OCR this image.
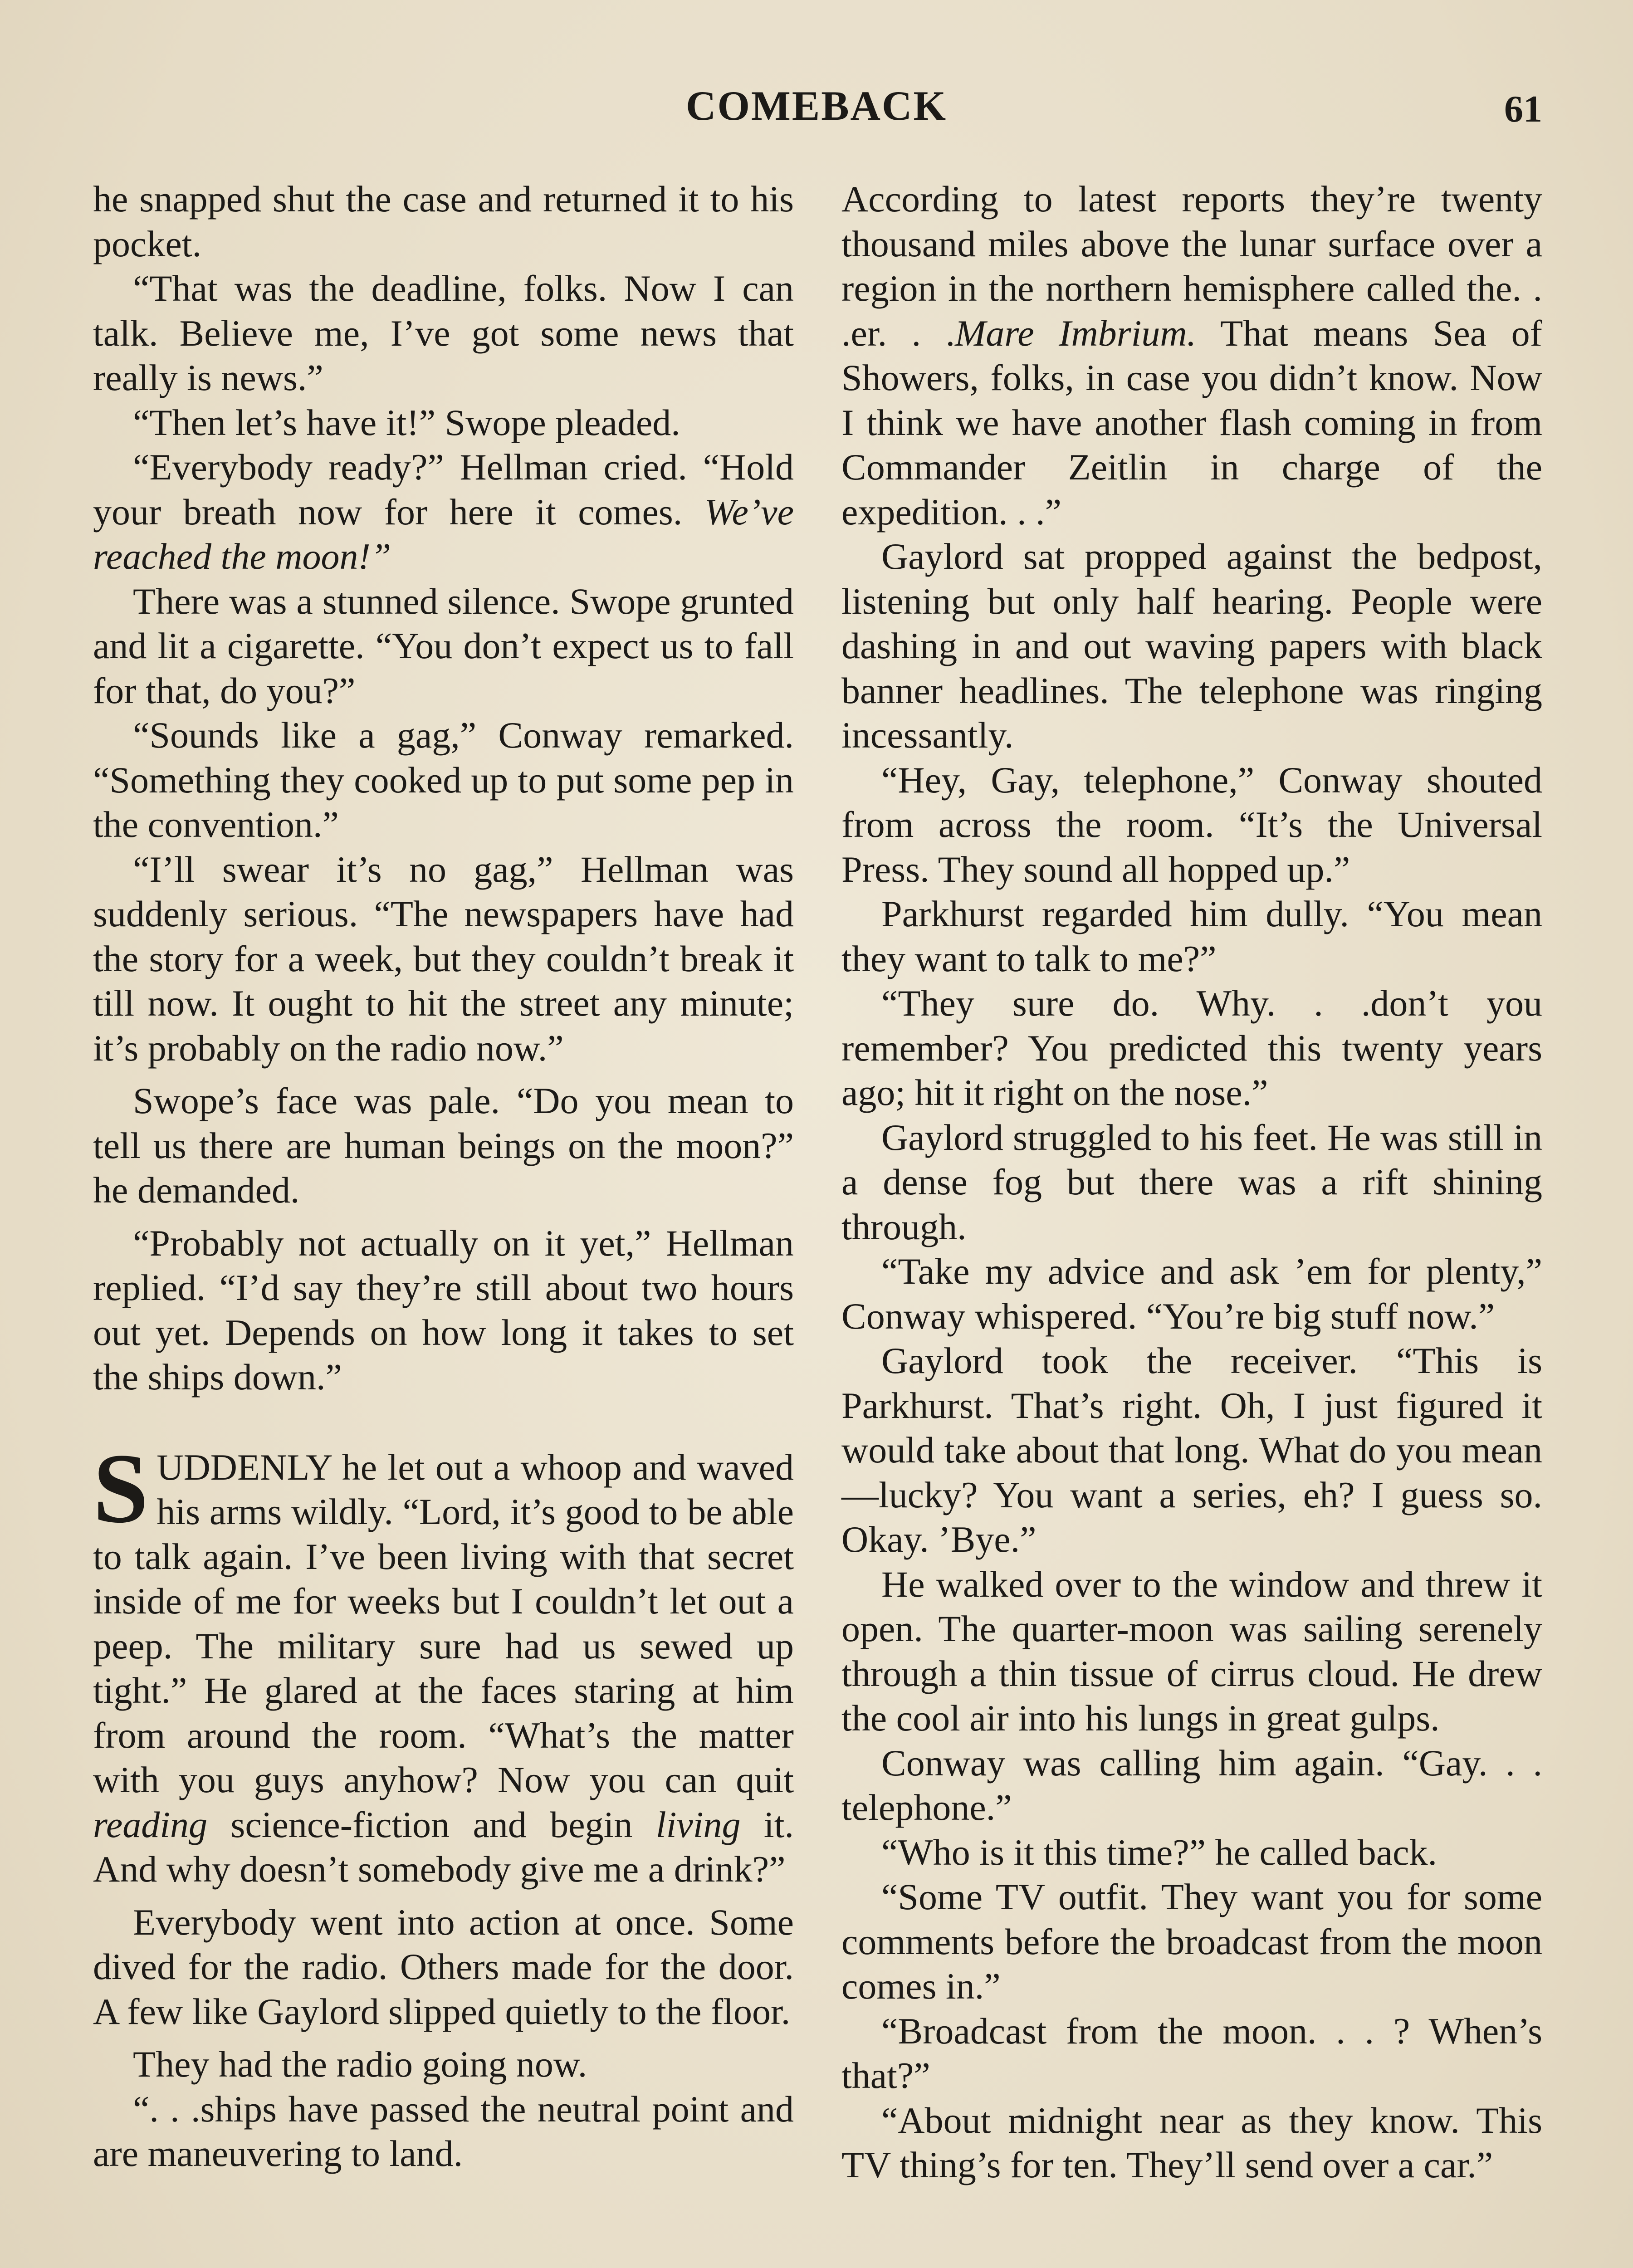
COMEBACK	61

he snapped shut the case and returned it to his pocket.

“That was the deadline, folks. Now I can talk. Believe me, I’ve got some news that really is news.”

“Then let’s have it!” Swope pleaded.

“Everybody ready?” Hellman cried. “Hold your breath now for here it comes. We’ve reached the moon!”

There was a stunned silence. Swope grunted and lit a cigarette. “You don’t expect us to fall for that, do you?”

“Sounds like a gag,” Conway remarked. “Something they cooked up to put some pep in the convention.”

“I’ll swear it’s no gag,” Hellman was suddenly serious. “The newspapers have had the story for a week, but they couldn’t break it till now. It ought to hit the street any minute; it’s probably on the radio now.”

Swope’s face was pale. “Do you mean to tell us there are human beings on the moon?” he demanded.

“Probably not actually on it yet,” Hellman replied. “I’d say they’re still about two hours out yet. Depends on how long it takes to set the ships down.”

SUDDENLY he let out a whoop and waved his arms wildly. “Lord, it’s good to be able to talk again. I’ve been living with that secret inside of me for weeks but I couldn’t let out a peep. The military sure had us sewed up tight.” He glared at the faces staring at him from around the room. “What’s the matter with you guys anyhow? Now you can quit reading science-fiction and begin living it. And why doesn’t somebody give me a drink?”

Everybody went into action at once. Some dived for the radio. Others made for the door. A few like Gaylord slipped quietly to the floor.

They had the radio going now.

“. . .ships have passed the neutral point and are maneuvering to land.

According to latest reports they’re twenty thousand miles above the lunar surface over a region in the northern hemisphere called the. . .er. . .Mare Imbrium. That means Sea of Showers, folks, in case you didn’t know. Now I think we have another flash coming in from Commander Zeitlin in charge of the expedition. . .”

Gaylord sat propped against the bedpost, listening but only half hearing. People were dashing in and out waving papers with black banner headlines. The telephone was ringing incessantly.

“Hey, Gay, telephone,” Conway shouted from across the room. “It’s the Universal Press. They sound all hopped up.”

Parkhurst regarded him dully. “You mean they want to talk to me?”

“They sure do. Why. . .don’t you remember? You predicted this twenty years ago; hit it right on the nose.”

Gaylord struggled to his feet. He was still in a dense fog but there was a rift shining through.

“Take my advice and ask ’em for plenty,” Conway whispered. “You’re big stuff now.”

Gaylord took the receiver. “This is Parkhurst. That’s right. Oh, I just figured it would take about that long. What do you mean—lucky? You want a series, eh? I guess so. Okay. ’Bye.”

He walked over to the window and threw it open. The quarter-moon was sailing serenely through a thin tissue of cirrus cloud. He drew the cool air into his lungs in great gulps.

Conway was calling him again. “Gay. . . telephone.”

“Who is it this time?” he called back.

“Some TV outfit. They want you for some comments before the broadcast from the moon comes in.”

“Broadcast from the moon. . . ? When’s that?”

“About midnight near as they know. This TV thing’s for ten. They’ll send over a car.”
